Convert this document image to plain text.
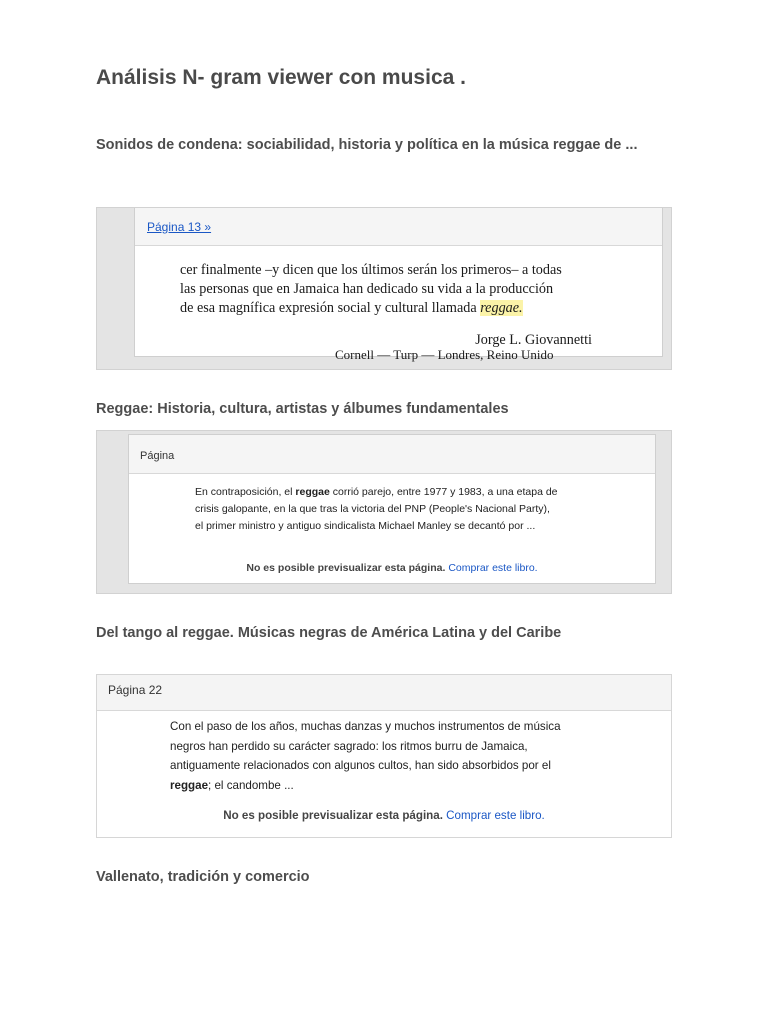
Análisis N- gram viewer con musica .
Sonidos de condena: sociabilidad, historia y política en la música reggae de ...
Página 13 »

cer finalmente –y dicen que los últimos serán los primeros– a todas

las personas que en Jamaica han dedicado su vida a la producción

de esa magnífica expresión social y cultural llamada reggae.

Jorge L. Giovannetti
Cornell — Turp — Londres, Reino Unido
Reggae: Historia, cultura, artistas y álbumes fundamentales
Página

En contraposición, el reggae corrió parejo, entre 1977 y 1983, a una etapa de

crisis galopante, en la que tras la victoria del PNP (People's Nacional Party),

el primer ministro y antiguo sindicalista Michael Manley se decantó por ...

No es posible previsualizar esta página. Comprar este libro.
Del tango al reggae. Músicas negras de América Latina y del Caribe
Página 22

Con el paso de los años, muchas danzas y muchos instrumentos de música

negros han perdido su carácter sagrado: los ritmos burru de Jamaica,

antiguamente relacionados con algunos cultos, han sido absorbidos por el

reggae; el candombe ...

No es posible previsualizar esta página. Comprar este libro.
Vallenato, tradición y comercio
